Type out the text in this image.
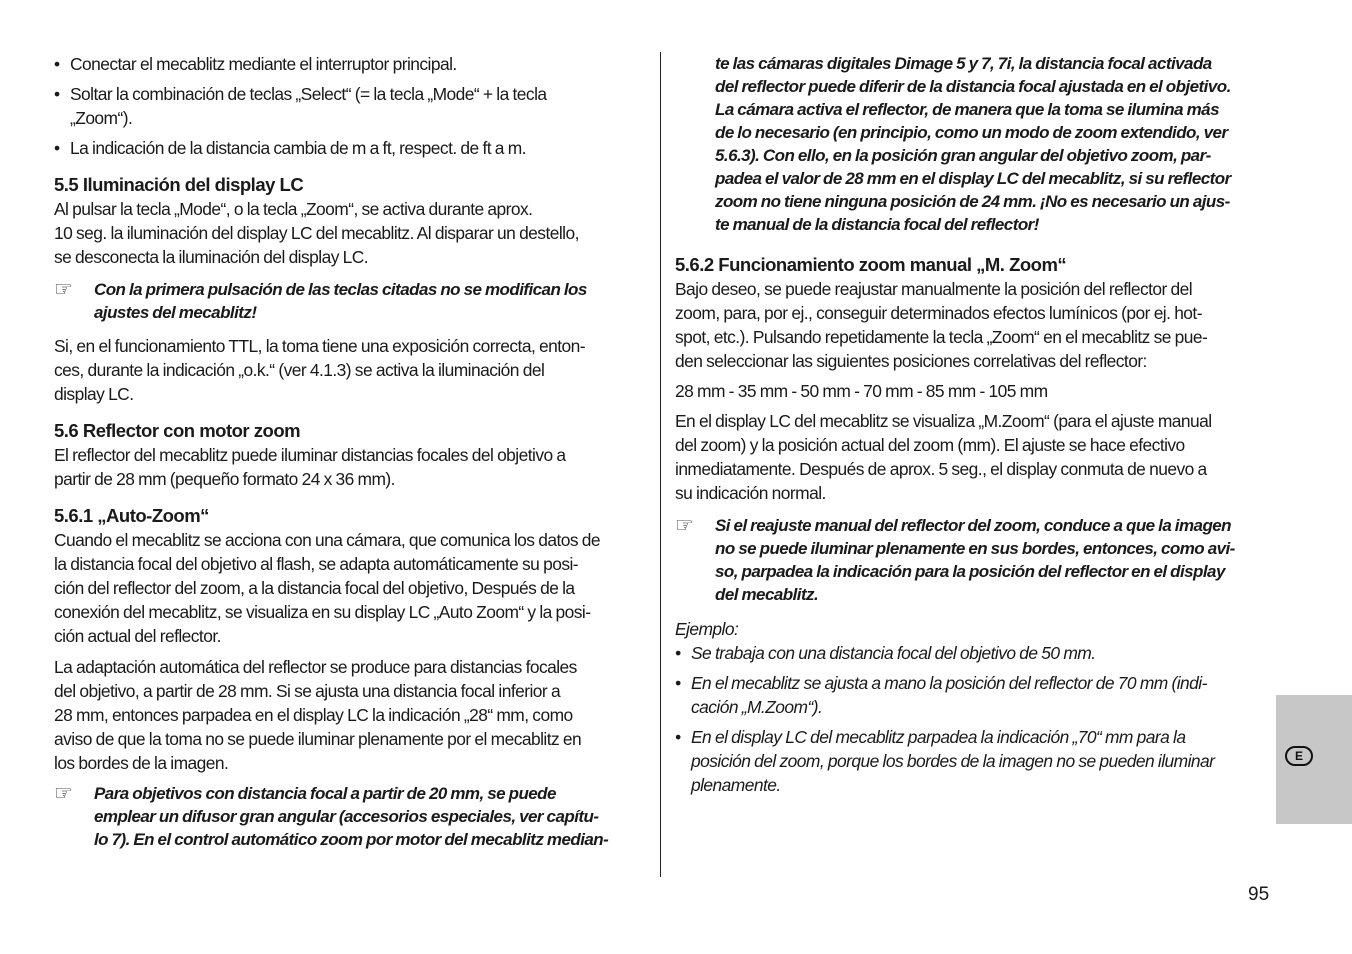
• Conectar el mecablitz mediante el interruptor principal.
• Soltar la combinación de teclas „Select“ (= la tecla „Mode“ + la tecla
„Zoom“).
• La indicación de la distancia cambia de m a ft, respect. de ft a m.
5.5 Iluminación del display LC

Al pulsar la tecla „Mode“, o la tecla „Zoom“, se activa durante aprox.
10 seg. la iluminación del display LC del mecablitz. Al disparar un destello,
se desconecta la iluminación del display LC.

☞ Con la primera pulsación de las teclas citadas no se modifican los
ajustes del mecablitz!

Si, en el funcionamiento TTL, la toma tiene una exposición correcta, enton-
ces, durante la indicación „o.k.“ (ver 4.1.3) se activa la iluminación del
display LC.

5.6 Reflector con motor zoom

El reflector del mecablitz puede iluminar distancias focales del objetivo a
partir de 28 mm (pequeño formato 24 x 36 mm).

5.6.1 „Auto-Zoom“

Cuando el mecablitz se acciona con una cámara, que comunica los datos de
la distancia focal del objetivo al flash, se adapta automáticamente su posi-
ción del reflector del zoom, a la distancia focal del objetivo, Después de la
conexión del mecablitz, se visualiza en su display LC „Auto Zoom“ y la posi-
ción actual del reflector.

La adaptación automática del reflector se produce para distancias focales
del objetivo, a partir de 28 mm. Si se ajusta una distancia focal inferior a
28 mm, entonces parpadea en el display LC la indicación „28“ mm, como
aviso de que la toma no se puede iluminar plenamente por el mecablitz en
los bordes de la imagen.

☞ Para objetivos con distancia focal a partir de 20 mm, se puede
emplear un difusor gran angular (accesorios especiales, ver capítu-
lo 7). En el control automático zoom por motor del mecablitz median-
te las cámaras digitales Dimage 5 y 7, 7i, la distancia focal activada
del reflector puede diferir de la distancia focal ajustada en el objetivo.
La cámara activa el reflector, de manera que la toma se ilumina más
de lo necesario (en principio, como un modo de zoom extendido, ver
5.6.3). Con ello, en la posición gran angular del objetivo zoom, par-
padea el valor de 28 mm en el display LC del mecablitz, si su reflector
zoom no tiene ninguna posición de 24 mm. ¡No es necesario un ajus-
te manual de la distancia focal del reflector!
5.6.2 Funcionamiento zoom manual „M. Zoom“

Bajo deseo, se puede reajustar manualmente la posición del reflector del
zoom, para, por ej., conseguir determinados efectos lumínicos (por ej. hot-
spot, etc.). Pulsando repetidamente la tecla „Zoom“ en el mecablitz se pue-
den seleccionar las siguientes posiciones correlativas del reflector:

28 mm - 35 mm - 50 mm - 70 mm - 85 mm - 105 mm

En el display LC del mecablitz se visualiza „M.Zoom“ (para el ajuste manual
del zoom) y la posición actual del zoom (mm). El ajuste se hace efectivo
inmediatamente. Después de aprox. 5 seg., el display conmuta de nuevo a
su indicación normal.

☞ Si el reajuste manual del reflector del zoom, conduce a que la imagen
no se puede iluminar plenamente en sus bordes, entonces, como avi-
so, parpadea la indicación para la posición del reflector en el display
del mecablitz.

Ejemplo:

• Se trabaja con una distancia focal del objetivo de 50 mm.
• En el mecablitz se ajusta a mano la posición del reflector de 70 mm (indi-
cación „M.Zoom“).
• En el display LC del mecablitz parpadea la indicación „70“ mm para la
posición del zoom, porque los bordes de la imagen no se pueden iluminar
plenamente.
E
95
